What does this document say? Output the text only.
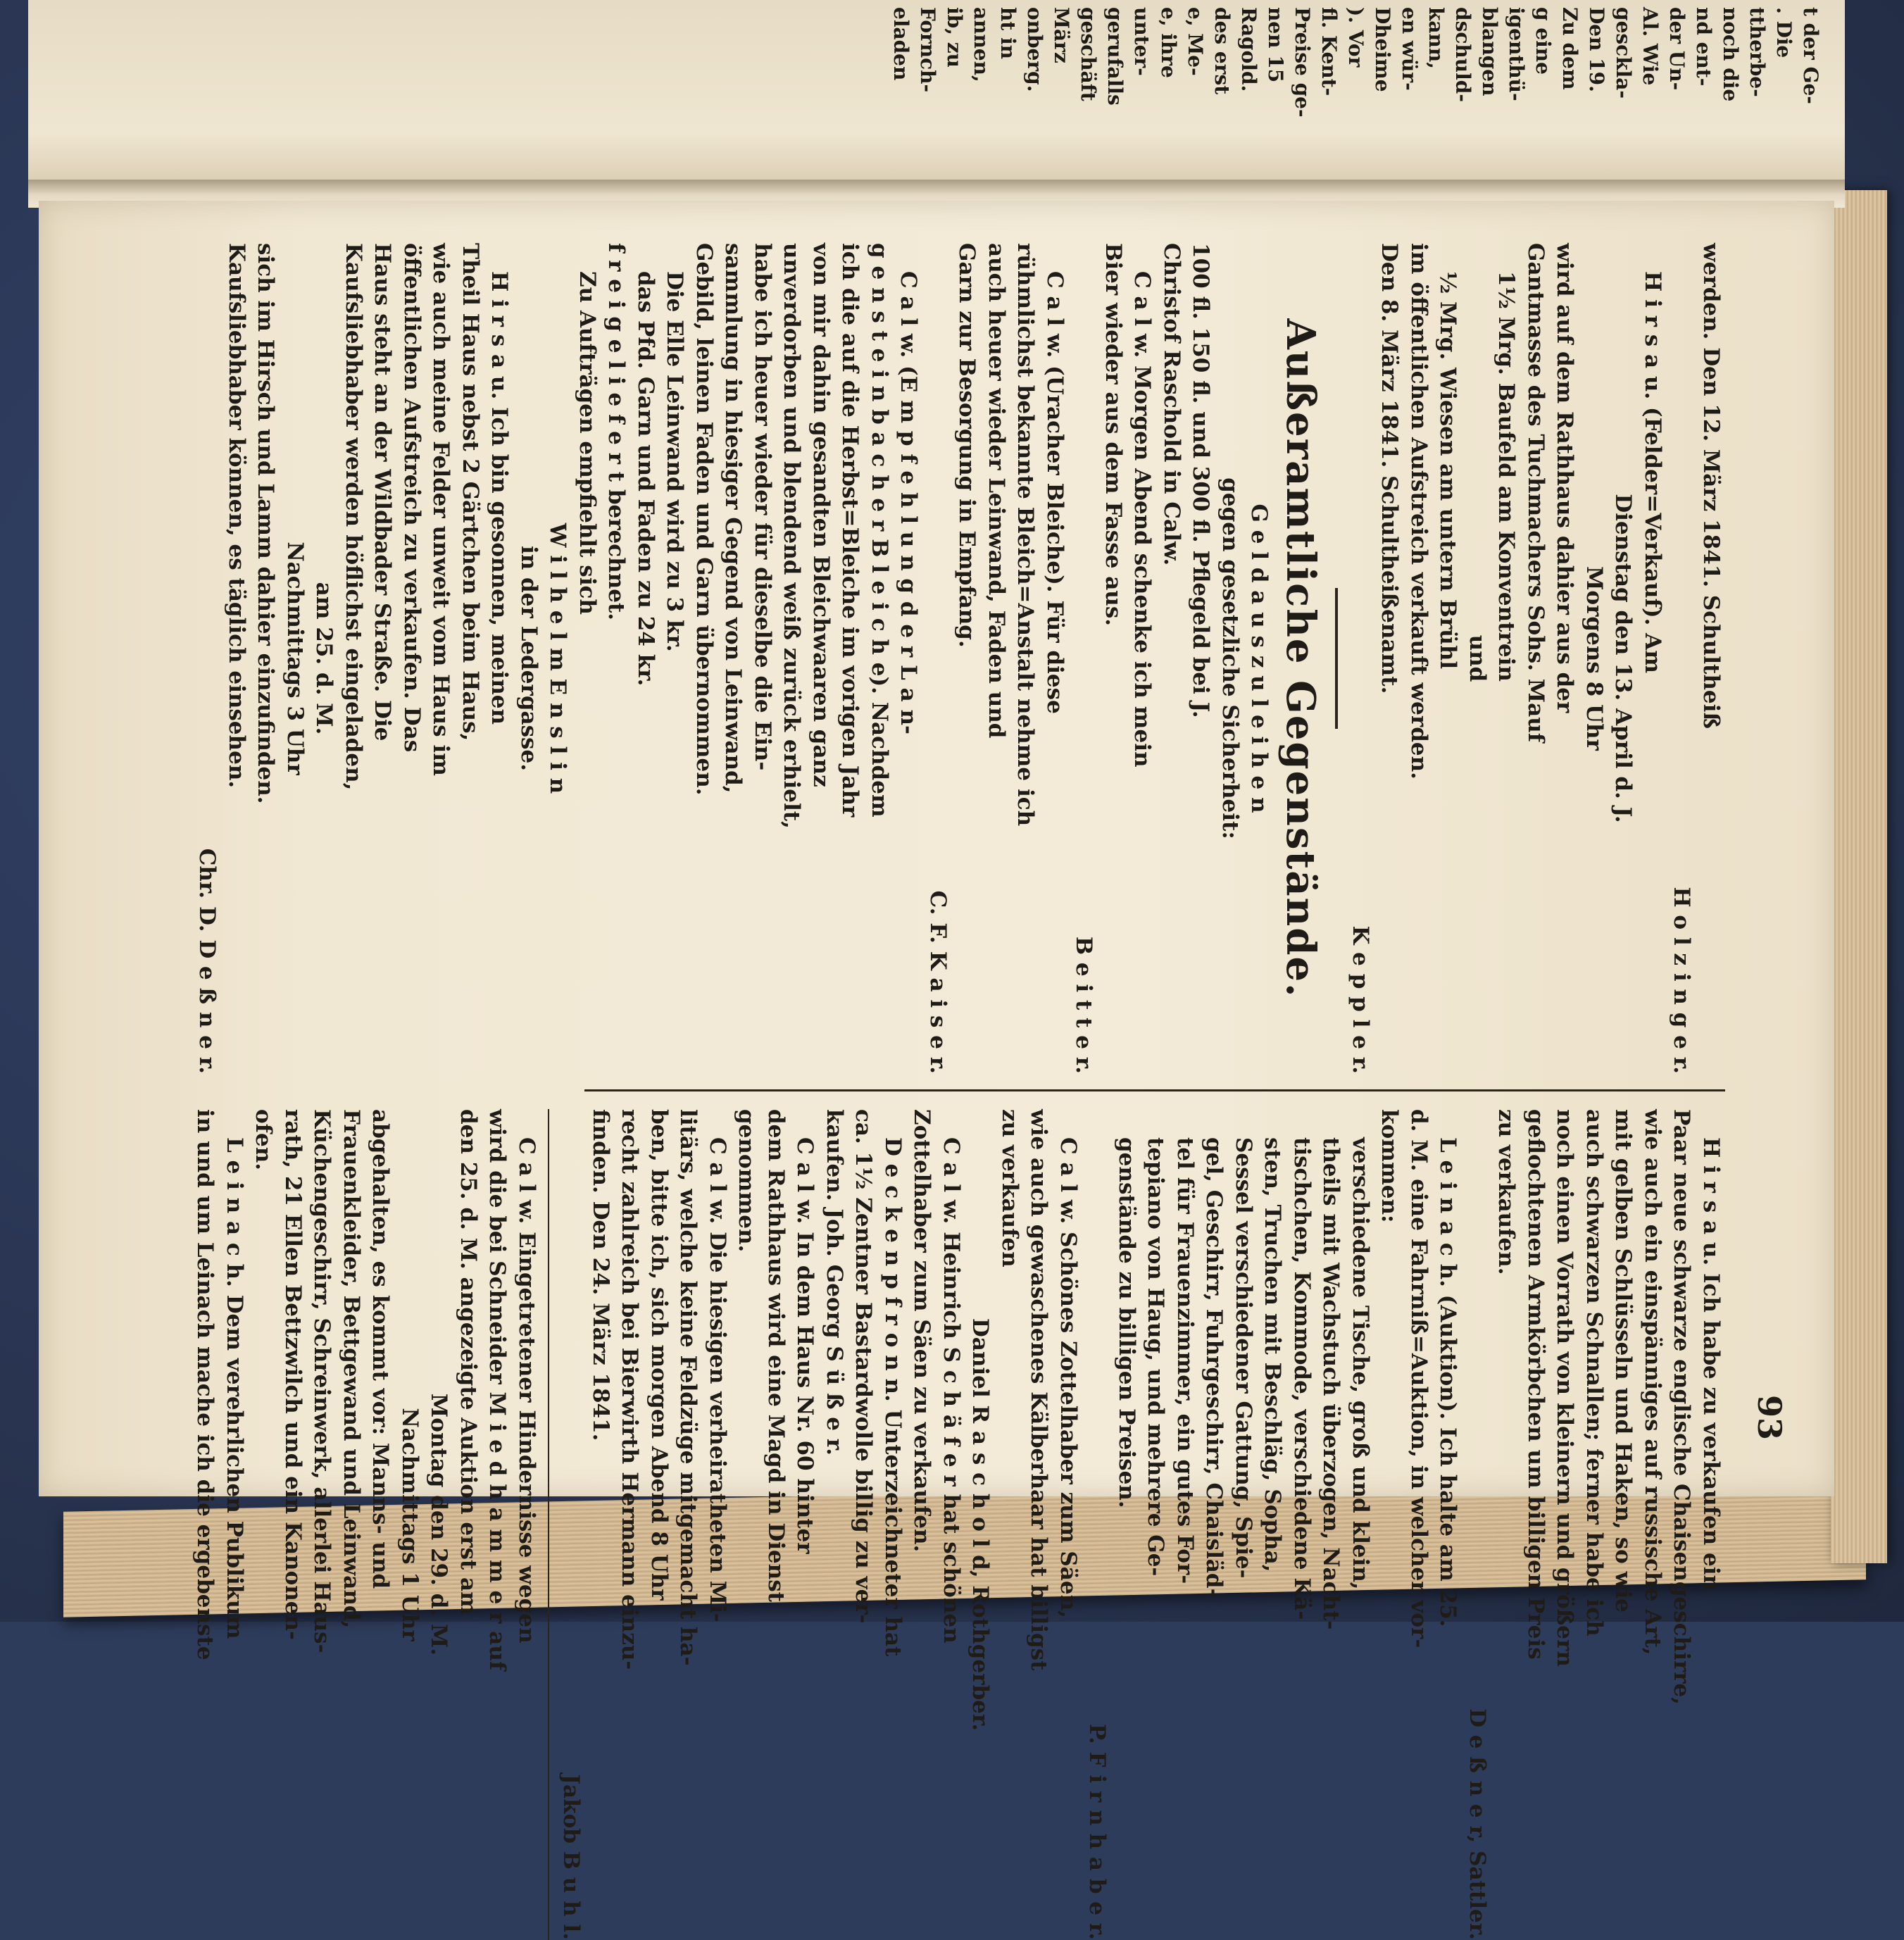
t der Ge-
. Die
ttherbe-
noch die
nd ent-
der Un-
Al. Wie
gesckla-
Den 19.
Zu dem
g eine
igenthü-
blangen
dschuld-
kann,
en wür-
Dheime
). Vor
fl. Kent-
Preise ge-
nen 15
Ragold.
des erst
e, Me-
e, ihre
unter-
gerufalls
geschäft
März
onberg.
ht in
annen,
ib, zu
Fornch-
eladen
93
werden. Den 12. März 1841. Schultheiß
H o l z i n g e r.
H i r s a u. (Felder=Verkauf). Am
Dienstag den 13. April d. J.
Morgens 8 Uhr
wird auf dem Rathhaus dahier aus der
Gantmasse des Tuchmachers Sohs. Mauf
1½ Mrg. Baufeld am Konventrein
und
½ Mrg. Wiesen am untern Brühl
im öffentlichen Aufstreich verkauft werden.
Den 8. März 1841. Schultheißenamt.
K e p p l e r.
Außeramtliche Gegenstände.
G e l d a u s z u l e i h e n
gegen gesetzliche Sicherheit:
100 fl. 150 fl. und 300 fl. Pflegeld bei J.
Christof Raschold in Calw.
C a l w. Morgen Abend schenke ich mein
Bier wieder aus dem Fasse aus.
B e i t t e r.
C a l w. (Uracher Bleiche). Für diese
rühmlichst bekannte Bleich=Anstalt nehme ich
auch heuer wieder Leinwand, Faden und
Garn zur Besorgung in Empfang.
C. F. K a i s e r.
C a l w. (E m p f e h l u n g d e r L a n-
g e n s t e i n b a c h e r B l e i c h e). Nachdem
ich die auf die Herbst=Bleiche im vorigen Jahr
von mir dahin gesandten Bleichwaaren ganz
unverdorben und blendend weiß zurück erhielt,
habe ich heuer wieder für dieselbe die Ein-
sammlung in hiesiger Gegend von Leinwand,
Gebild, leinen Faden und Garn übernommen.
Die Elle Leinwand wird zu 3 kr.
das Pfd. Garn und Faden zu 24 kr.
f r e i g e l i e f e r t berechnet.
Zu Aufträgen empfiehlt sich
W i l h e l m E n s l i n
in der Ledergasse.
H i r s a u. Ich bin gesonnen, meinen
Theil Haus nebst 2 Gärtchen beim Haus,
wie auch meine Felder unweit vom Haus im
öffentlichen Aufstreich zu verkaufen. Das
Haus steht an der Wildbader Straße. Die
Kaufsliebhaber werden höflichst eingeladen,
am 25. d. M.
Nachmittags 3 Uhr
sich im Hirsch und Lamm dahier einzufinden.
Kaufsliebhaber können, es täglich einsehen.
Chr. D. D e ß n e r.
H i r s a u. Ich habe zu verkaufen ein
Paar neue schwarze englische Chaisengeschirre,
wie auch ein einspänniges auf russische Art,
mit gelben Schlüsseln und Haken, so wie
auch schwarzen Schnallen; ferner habe ich
noch einen Vorrath von kleinern und größern
geflochtenen Armkörbchen um billigen Preis
zu verkaufen.
D e ß n e r, Sattler.
L e i n a c h. (Auktion). Ich halte am 25.
d. M. eine Fahrniß=Auktion, in welcher vor-
kommen:
verschiedene Tische, groß und klein,
theils mit Wachstuch überzogen, Nacht-
tischchen, Kommode, verschiedene Kä-
sten, Truchen mit Beschläg, Sopha,
Sessel verschiedener Gattung, Spie-
gel, Geschirr, Fuhrgeschirr, Chaisläd-
tel für Frauenzimmer, ein gutes For-
tepiano von Haug, und mehrere Ge-
genstände zu billigen Preisen.
P. F i r n h a b e r.
C a l w. Schönes Zottelhaber zum Säen,
wie auch gewaschenes Kälberhaar hat billigst
zu verkaufen
Daniel R a s c h o l d, Rothgerber.
C a l w. Heinrich S c h ä f e r hat schönen
Zottelhaber zum Säen zu verkaufen.
D e c k e n p f r o n n. Unterzeichneter hat
ca. 1½ Zentner Bastardwolle billig zu ver-
kaufen. Joh. Georg S ü ß e r.
C a l w. In dem Haus Nr. 60 hinter
dem Rathhaus wird eine Magd in Dienst
genommen.
C a l w. Die hiesigen verheiratheten Mi-
litärs, welche keine Feldzüge mitgemacht ha-
ben, bitte ich, sich morgen Abend 8 Uhr
recht zahlreich bei Bierwirth Hermann einzu-
finden. Den 24. März 1841.
Jakob B u h l.
C a l w. Eingetretener Hindernisse wegen
wird die bei Schneider M i e d h a m m e r auf
den 25. d. M. angezeigte Auktion erst am
Montag den 29. d. M.
Nachmittags 1 Uhr
abgehalten, es kommt vor: Manns- und
Frauenkleider, Bettgewand und Leinwand,
Küchengeschirr, Schreinwerk, allerlei Haus-
rath, 21 Ellen Bettzwilch und ein Kanonen-
ofen.
L e i n a c h. Dem verehrlichen Publikum
in und um Leinach mache ich die ergebenste
